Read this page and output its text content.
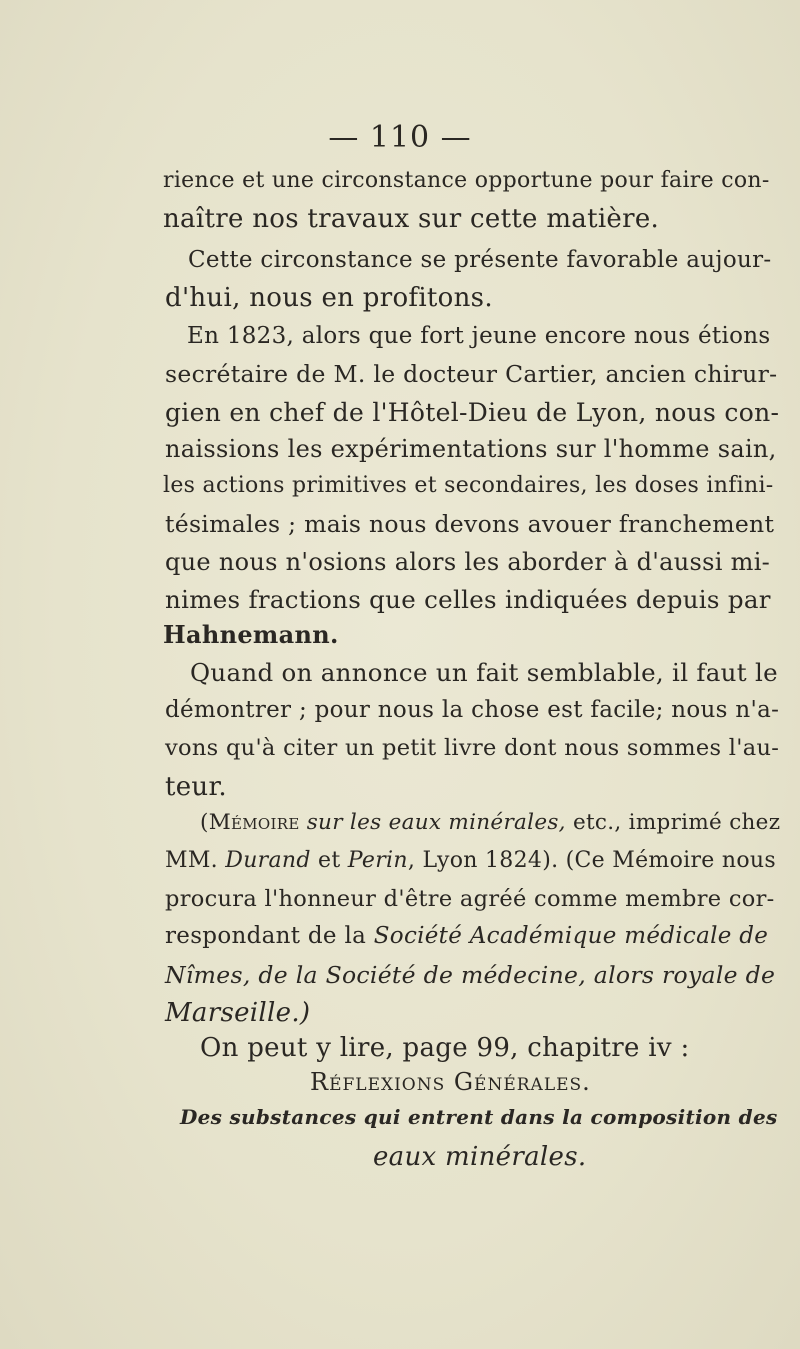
— 110 —
rience et une circonstance opportune pour faire con-
naître nos travaux sur cette matière.
Cette circonstance se présente favorable aujour-
d'hui, nous en profitons.
En 1823, alors que fort jeune encore nous étions
secrétaire de M. le docteur Cartier, ancien chirur-
gien en chef de l'Hôtel-Dieu de Lyon, nous con-
naissions les expérimentations sur l'homme sain,
les actions primitives et secondaires, les doses infini-
tésimales ; mais nous devons avouer franchement
que nous n'osions alors les aborder à d'aussi mi-
nimes fractions que celles indiquées depuis par
Hahnemann.
Quand on annonce un fait semblable, il faut le
démontrer ; pour nous la chose est facile; nous n'a-
vons qu'à citer un petit livre dont nous sommes l'au-
teur.
(Mémoire sur les eaux minérales, etc., imprimé chez
MM. Durand et Perin, Lyon 1824). (Ce Mémoire nous
procura l'honneur d'être agréé comme membre cor-
respondant de la Société Académique médicale de
Nîmes, de la Société de médecine, alors royale de
Marseille.)
On peut y lire, page 99, chapitre iv :
Réflexions Générales.
Des substances qui entrent dans la composition des
eaux minérales.
